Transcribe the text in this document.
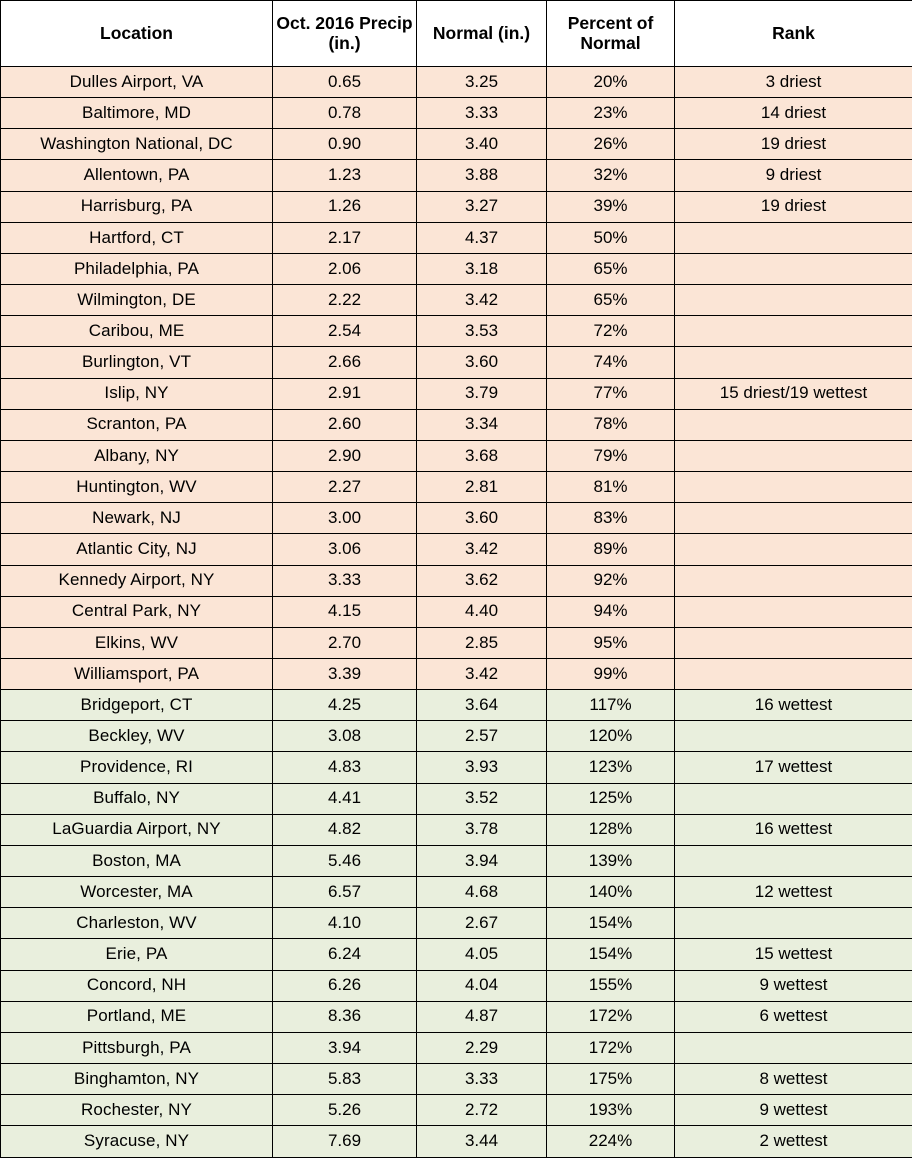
Location	Oct. 2016 Precip (in.)	Normal (in.)	Percent of Normal	Rank
Dulles Airport, VA	0.65	3.25	20%	3 driest
Baltimore, MD	0.78	3.33	23%	14 driest
Washington National, DC	0.90	3.40	26%	19 driest
Allentown, PA	1.23	3.88	32%	9 driest
Harrisburg, PA	1.26	3.27	39%	19 driest
Hartford, CT	2.17	4.37	50%	
Philadelphia, PA	2.06	3.18	65%	
Wilmington, DE	2.22	3.42	65%	
Caribou, ME	2.54	3.53	72%	
Burlington, VT	2.66	3.60	74%	
Islip, NY	2.91	3.79	77%	15 driest/19 wettest
Scranton, PA	2.60	3.34	78%	
Albany, NY	2.90	3.68	79%	
Huntington, WV	2.27	2.81	81%	
Newark, NJ	3.00	3.60	83%	
Atlantic City, NJ	3.06	3.42	89%	
Kennedy Airport, NY	3.33	3.62	92%	
Central Park, NY	4.15	4.40	94%	
Elkins, WV	2.70	2.85	95%	
Williamsport, PA	3.39	3.42	99%	
Bridgeport, CT	4.25	3.64	117%	16 wettest
Beckley, WV	3.08	2.57	120%	
Providence, RI	4.83	3.93	123%	17 wettest
Buffalo, NY	4.41	3.52	125%	
LaGuardia Airport, NY	4.82	3.78	128%	16 wettest
Boston, MA	5.46	3.94	139%	
Worcester, MA	6.57	4.68	140%	12 wettest
Charleston, WV	4.10	2.67	154%	
Erie, PA	6.24	4.05	154%	15 wettest
Concord, NH	6.26	4.04	155%	9 wettest
Portland, ME	8.36	4.87	172%	6 wettest
Pittsburgh, PA	3.94	2.29	172%	
Binghamton, NY	5.83	3.33	175%	8 wettest
Rochester, NY	5.26	2.72	193%	9 wettest
Syracuse, NY	7.69	3.44	224%	2 wettest
